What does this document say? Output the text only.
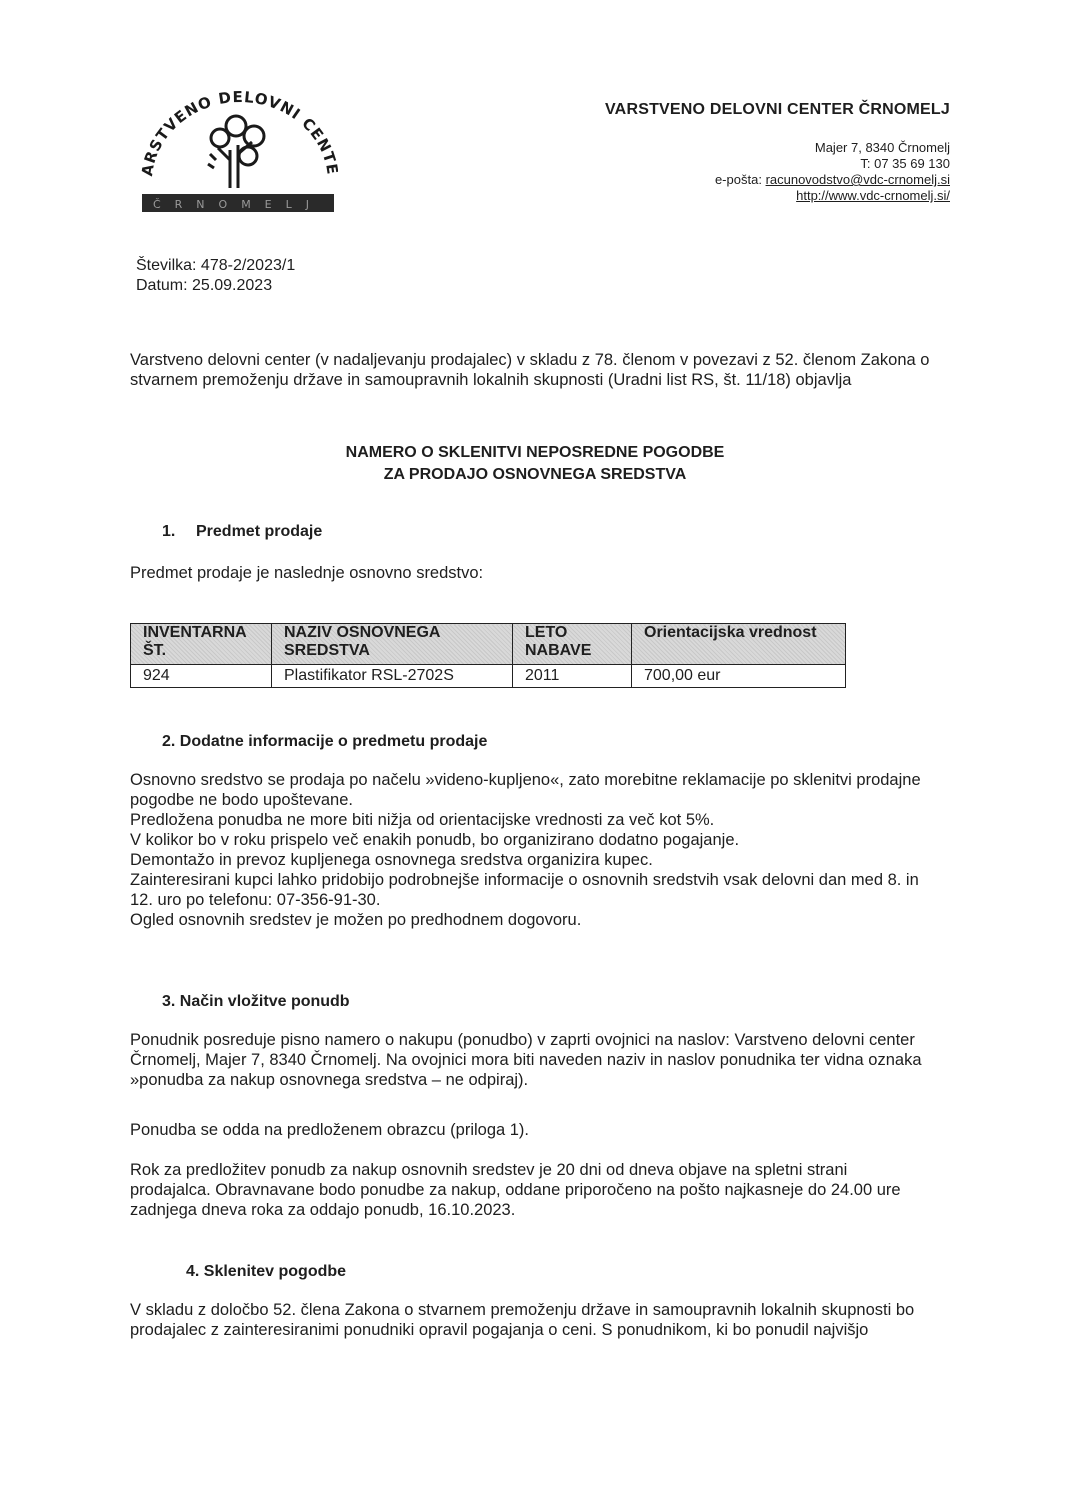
ARSTVENO DELOVNI CENT
ČRNOMELJ
VARSTVENO DELOVNI CENTER ČRNOMELJ
Majer 7, 8340 Črnomelj
T: 07 35 69 130
e-pošta: racunovodstvo@vdc-crnomelj.si
http://www.vdc-crnomelj.si/
Številka: 478-2/2023/1
Datum: 25.09.2023
Varstveno delovni center (v nadaljevanju prodajalec) v skladu z 78. členom v povezavi z 52. členom Zakona o stvarnem premoženju države in samoupravnih lokalnih skupnosti (Uradni list RS, št. 11/18) objavlja
NAMERO O SKLENITVI NEPOSREDNE POGODBE
ZA PRODAJO OSNOVNEGA SREDSTVA
1. Predmet prodaje
Predmet prodaje je naslednje osnovno sredstvo:
INVENTARNA ŠT.	NAZIV OSNOVNEGA SREDSTVA	LETO NABAVE	Orientacijska vrednost
924	Plastifikator RSL-2702S	2011	700,00 eur
2. Dodatne informacije o predmetu prodaje
Osnovno sredstvo se prodaja po načelu »videno-kupljeno«, zato morebitne reklamacije po sklenitvi prodajne pogodbe ne bodo upoštevane.
Predložena ponudba ne more biti nižja od orientacijske vrednosti za več kot 5%.
V kolikor bo v roku prispelo več enakih ponudb, bo organizirano dodatno pogajanje.
Demontažo in prevoz kupljenega osnovnega sredstva organizira kupec.
Zainteresirani kupci lahko pridobijo podrobnejše informacije o osnovnih sredstvih vsak delovni dan med 8. in 12. uro po telefonu: 07-356-91-30.
Ogled osnovnih sredstev je možen po predhodnem dogovoru.
3. Način vložitve ponudb
Ponudnik posreduje pisno namero o nakupu (ponudbo) v zaprti ovojnici na naslov: Varstveno delovni center Črnomelj, Majer 7, 8340 Črnomelj. Na ovojnici mora biti naveden naziv in naslov ponudnika ter vidna oznaka »ponudba za nakup osnovnega sredstva – ne odpiraj).
Ponudba se odda na predloženem obrazcu (priloga 1).
Rok za predložitev ponudb za nakup osnovnih sredstev je 20 dni od dneva objave na spletni strani prodajalca. Obravnavane bodo ponudbe za nakup, oddane priporočeno na pošto najkasneje do 24.00 ure zadnjega dneva roka za oddajo ponudb, 16.10.2023.
4. Sklenitev pogodbe
V skladu z določbo 52. člena Zakona o stvarnem premoženju države in samoupravnih lokalnih skupnosti bo prodajalec z zainteresiranimi ponudniki opravil pogajanja o ceni. S ponudnikom, ki bo ponudil najvišjo
